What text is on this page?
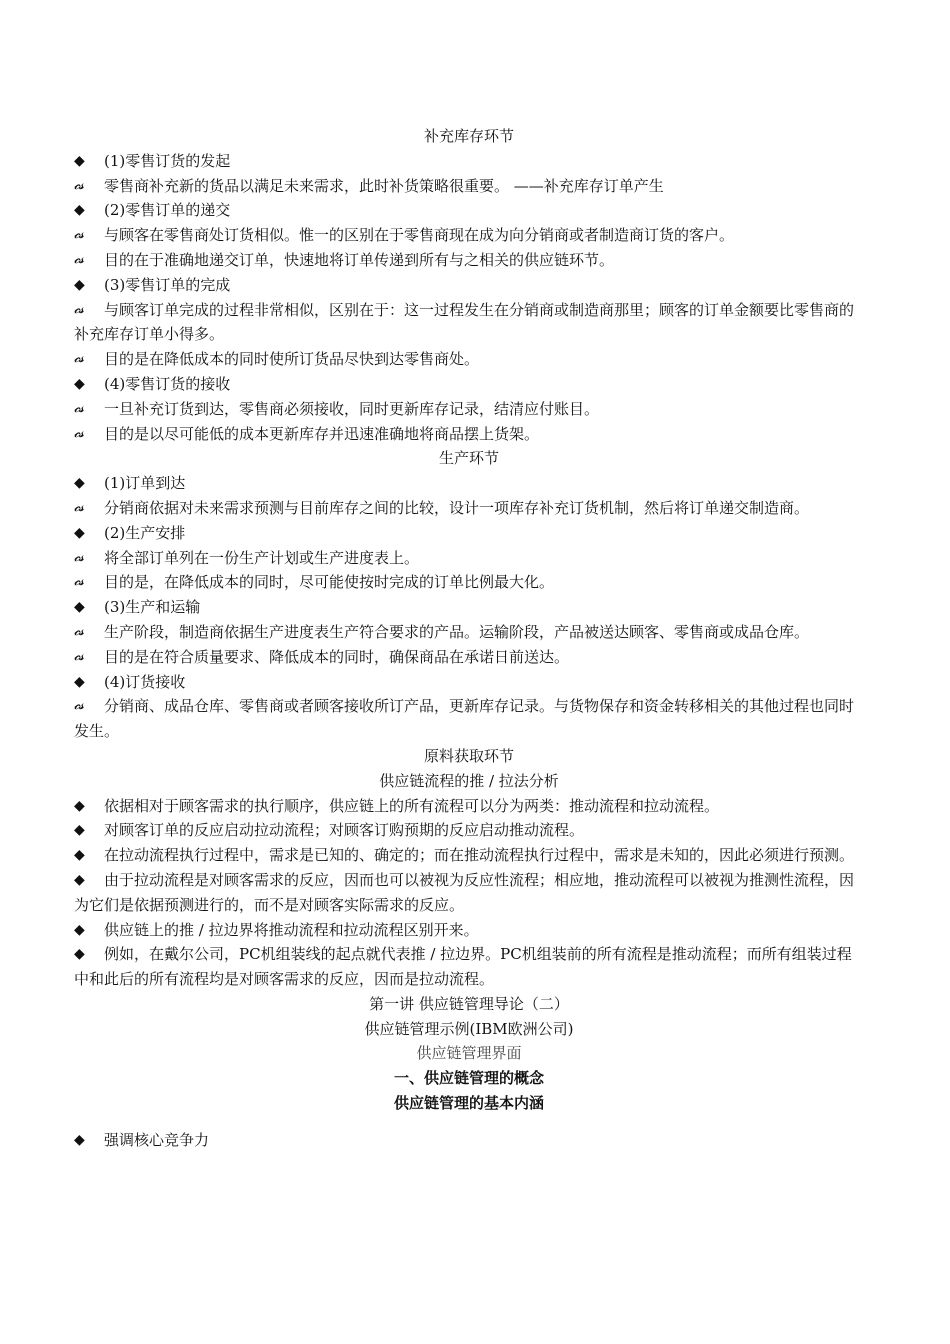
补充库存环节
◆ (1)零售订货的发起
𝓬𝓼 零售商补充新的货品以满足未来需求，此时补货策略很重要。 ——补充库存订单产生
◆ (2)零售订单的递交
𝓬𝓼 与顾客在零售商处订货相似。惟一的区别在于零售商现在成为向分销商或者制造商订货的客户。
𝓬𝓼 目的在于准确地递交订单，快速地将订单传递到所有与之相关的供应链环节。
◆ (3)零售订单的完成
𝓬𝓼 与顾客订单完成的过程非常相似，区别在于：这一过程发生在分销商或制造商那里；顾客的订单金额要比零售商的补充库存订单小得多。
𝓬𝓼 目的是在降低成本的同时使所订货品尽快到达零售商处。
◆ (4)零售订货的接收
𝓬𝓼 一旦补充订货到达，零售商必须接收，同时更新库存记录，结清应付账目。
𝓬𝓼 目的是以尽可能低的成本更新库存并迅速准确地将商品摆上货架。
生产环节
◆ (1)订单到达
𝓬𝓼 分销商依据对未来需求预测与目前库存之间的比较，设计一项库存补充订货机制，然后将订单递交制造商。
◆ (2)生产安排
𝓬𝓼 将全部订单列在一份生产计划或生产进度表上。
𝓬𝓼 目的是，在降低成本的同时，尽可能使按时完成的订单比例最大化。
◆ (3)生产和运输
𝓬𝓼 生产阶段，制造商依据生产进度表生产符合要求的产品。运输阶段，产品被送达顾客、零售商或成品仓库。
𝓬𝓼 目的是在符合质量要求、降低成本的同时，确保商品在承诺日前送达。
◆ (4)订货接收
𝓬𝓼 分销商、成品仓库、零售商或者顾客接收所订产品，更新库存记录。与货物保存和资金转移相关的其他过程也同时发生。
原料获取环节
供应链流程的推 / 拉法分析
◆ 依据相对于顾客需求的执行顺序，供应链上的所有流程可以分为两类：推动流程和拉动流程。
◆ 对顾客订单的反应启动拉动流程；对顾客订购预期的反应启动推动流程。
◆ 在拉动流程执行过程中，需求是已知的、确定的；而在推动流程执行过程中，需求是未知的，因此必须进行预测。
◆ 由于拉动流程是对顾客需求的反应，因而也可以被视为反应性流程；相应地，推动流程可以被视为推测性流程，因为它们是依据预测进行的，而不是对顾客实际需求的反应。
◆ 供应链上的推 / 拉边界将推动流程和拉动流程区别开来。
◆ 例如，在戴尔公司，PC机组装线的起点就代表推 / 拉边界。PC机组装前的所有流程是推动流程；而所有组装过程中和此后的所有流程均是对顾客需求的反应，因而是拉动流程。
第一讲 供应链管理导论（二）
供应链管理示例(IBM欧洲公司)
供应链管理界面
一、供应链管理的概念
供应链管理的基本内涵
◆ 强调核心竞争力
